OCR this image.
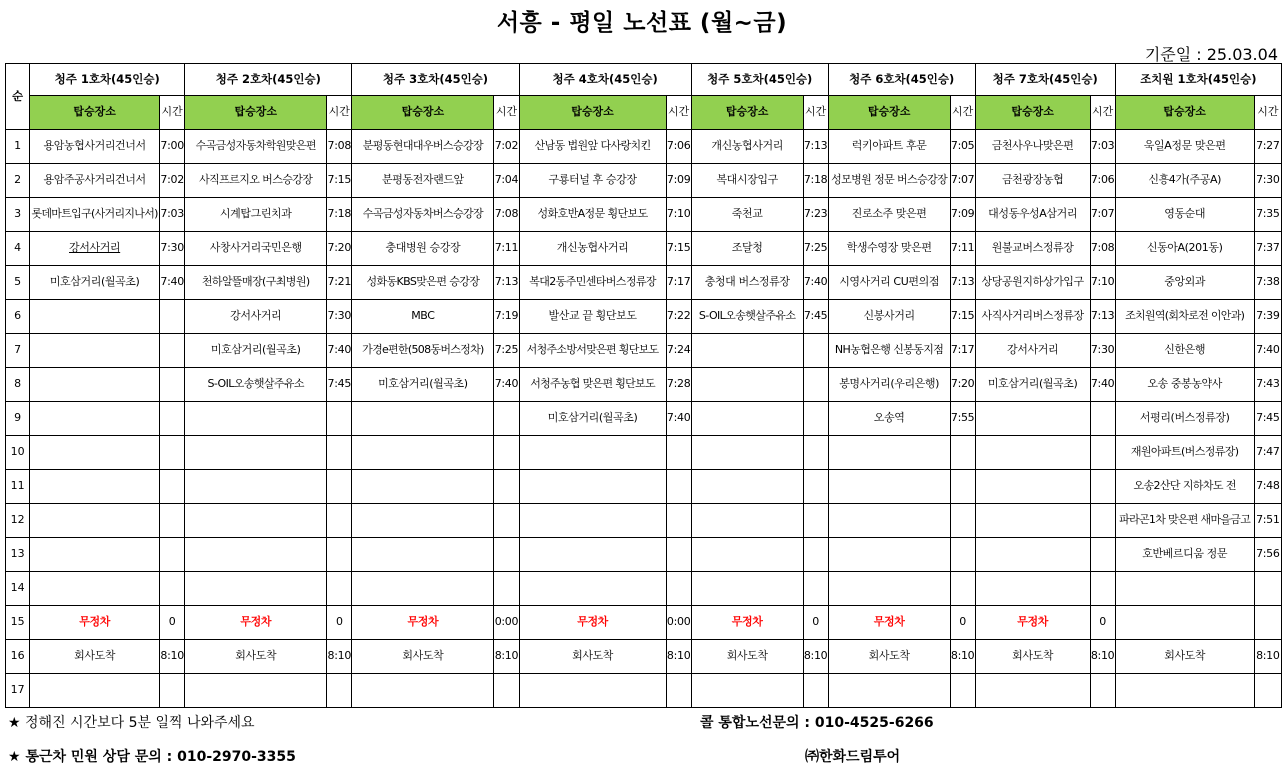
서흥 - 평일 노선표 (월~금)
기준일 : 25.03.04
순	청주 1호차(45인승)		청주 2호차(45인승)		청주 3호차(45인승)		청주 4호차(45인승)		청주 5호차(45인승)		청주 6호차(45인승)		청주 7호차(45인승)		조치원 1호차(45인승)	
	탑승장소	시간	탑승장소	시간	탑승장소	시간	탑승장소	시간	탑승장소	시간	탑승장소	시간	탑승장소	시간	탑승장소	시간
1	용암농협사거리건너서	7:00	수곡금성자동차학원맞은편	7:08	분평동현대대우버스승강장	7:02	산남동 법원앞 다사랑치킨	7:06	개신농협사거리	7:13	럭키아파트 후문	7:05	금천사우나맞은편	7:03	욱일A정문 맞은편	7:27
2	용암주공사거리건너서	7:02	사직프르지오 버스승강장	7:15	분평동전자랜드앞	7:04	구룡터널 후 승강장	7:09	복대시장입구	7:18	성모병원 정문 버스승강장	7:07	금천광장농협	7:06	신흥4가(주공A)	7:30
3	롯데마트입구(사거리지나서)	7:03	시계탑그린치과	7:18	수곡금성자동차버스승강장	7:08	성화호반A정문 횡단보도	7:10	죽천교	7:23	진로소주 맞은편	7:09	대성동우성A삼거리	7:07	영동순대	7:35
4	강서사거리	7:30	사창사거리국민은행	7:20	충대병원 승강장	7:11	개신농협사거리	7:15	조달청	7:25	학생수영장 맞은편	7:11	원불교버스정류장	7:08	신동아A(201동)	7:37
5	미호삼거리(월곡초)	7:40	천하알뜰매장(구최병원)	7:21	성화동KBS맞은편 승강장	7:13	복대2동주민센타버스정류장	7:17	충청대 버스정류장	7:40	시영사거리 CU편의점	7:13	상당공원지하상가입구	7:10	중앙외과	7:38
6			강서사거리	7:30	MBC	7:19	발산교 끝 횡단보도	7:22	S-OIL오송햇살주유소	7:45	신봉사거리	7:15	사직사거리버스정류장	7:13	조치원역(회차로전 이안과)	7:39
7			미호삼거리(월곡초)	7:40	가경e편한(508동버스정차)	7:25	서청주소방서맞은편 횡단보도	7:24			NH농협은행 신봉동지점	7:17	강서사거리	7:30	신한은행	7:40
8			S-OIL오송햇살주유소	7:45	미호삼거리(월곡초)	7:40	서청주농협 맞은편 횡단보도	7:28			봉명사거리(우리은행)	7:20	미호삼거리(월곡초)	7:40	오송 중봉농약사	7:43
9							미호삼거리(월곡초)	7:40			오송역	7:55			서평리(버스정류장)	7:45
10															재원아파트(버스정류장)	7:47
11															오송2산단 지하차도 전	7:48
12															파라곤1차 맞은편 새마을금고	7:51
13															호반베르디움 정문	7:56
14																
15	무정차	0	무정차	0	무정차	0:00	무정차	0:00	무정차	0	무정차	0	무정차	0		
16	회사도착	8:10	회사도착	8:10	회사도착	8:10	회사도착	8:10	회사도착	8:10	회사도착	8:10	회사도착	8:10	회사도착	8:10
17																
★ 정해진 시간보다 5분 일찍 나와주세요	콜 통합노선문의 : 010-4525-6266
★ 통근차 민원 상담 문의 : 010-2970-3355	㈜한화드림투어
